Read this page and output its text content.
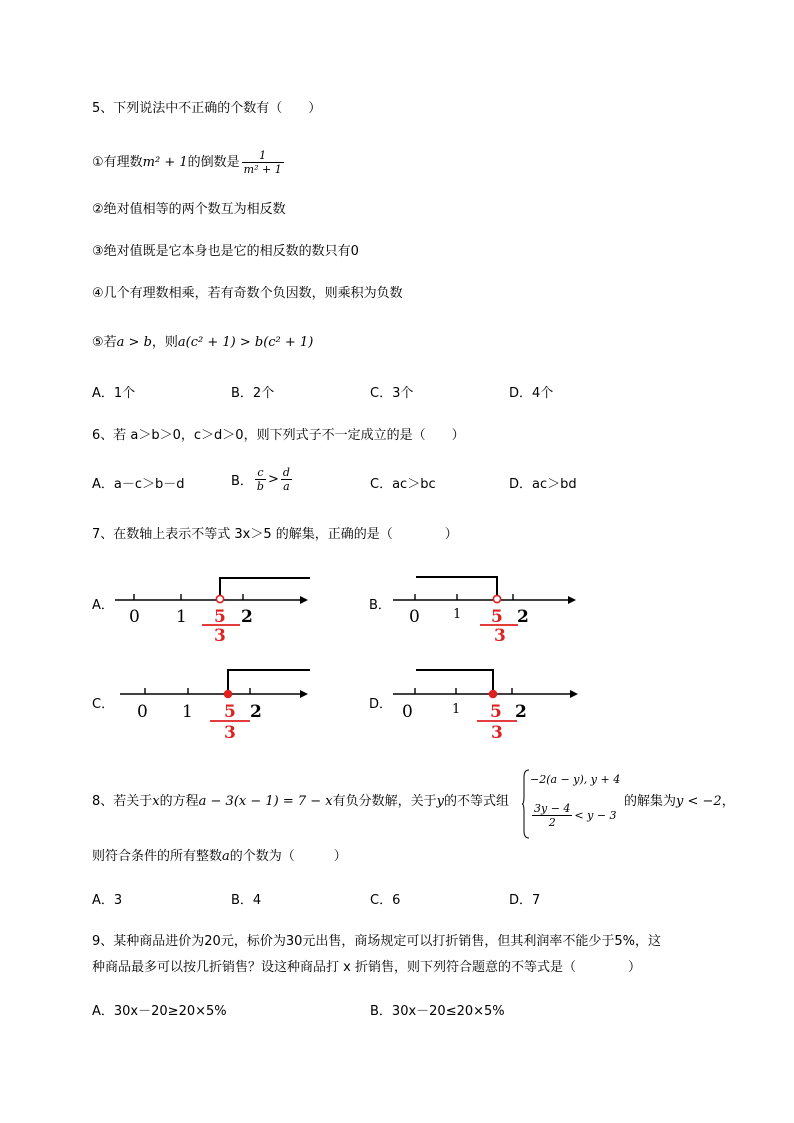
5、下列说法中不正确的个数有（　　）
①有理数m² + 1的倒数是 $\frac{1}{\text{m² + 1}}$
②绝对值相等的两个数互为相反数
③绝对值既是它本身也是它的相反数的数只有0
④几个有理数相乘，若有奇数个负因数，则乘积为负数
⑤若a > b，则a(c² + 1) > b(c² + 1)
A．1个	B．2个	C．3个	D．4个
6、若 a＞b＞0，c＞d＞0，则下列式子不一定成立的是（　　）
A．a－c＞b－d	B． $\frac{c}{b} > \frac{d}{a}$	C．ac＞bc	D．ac＞bd
7、在数轴上表示不等式 3x＞5 的解集，正确的是（　　　　）
A．	B．
C．	D．
0 1	2
5
3
0	1	2
5
3
0 1	2
5
3
0	1	2
5
3
8、若关于x的方程a − 3(x − 1) = 7 − x有负分数解，关于y的不等式组
−2(a − y), y + 4
$\frac{3y - 4}{2} < y - 3$
的解集为y < −2，
则符合条件的所有整数a的个数为（　　　）
A．3	B．4	C．6	D．7
9、某种商品进价为20元，标价为30元出售，商场规定可以打折销售，但其利润率不能少于5%，这
种商品最多可以按几折销售？设这种商品打 x 折销售，则下列符合题意的不等式是（　　　　）
A．30x－20≥20×5%	B．30x－20≤20×5%
